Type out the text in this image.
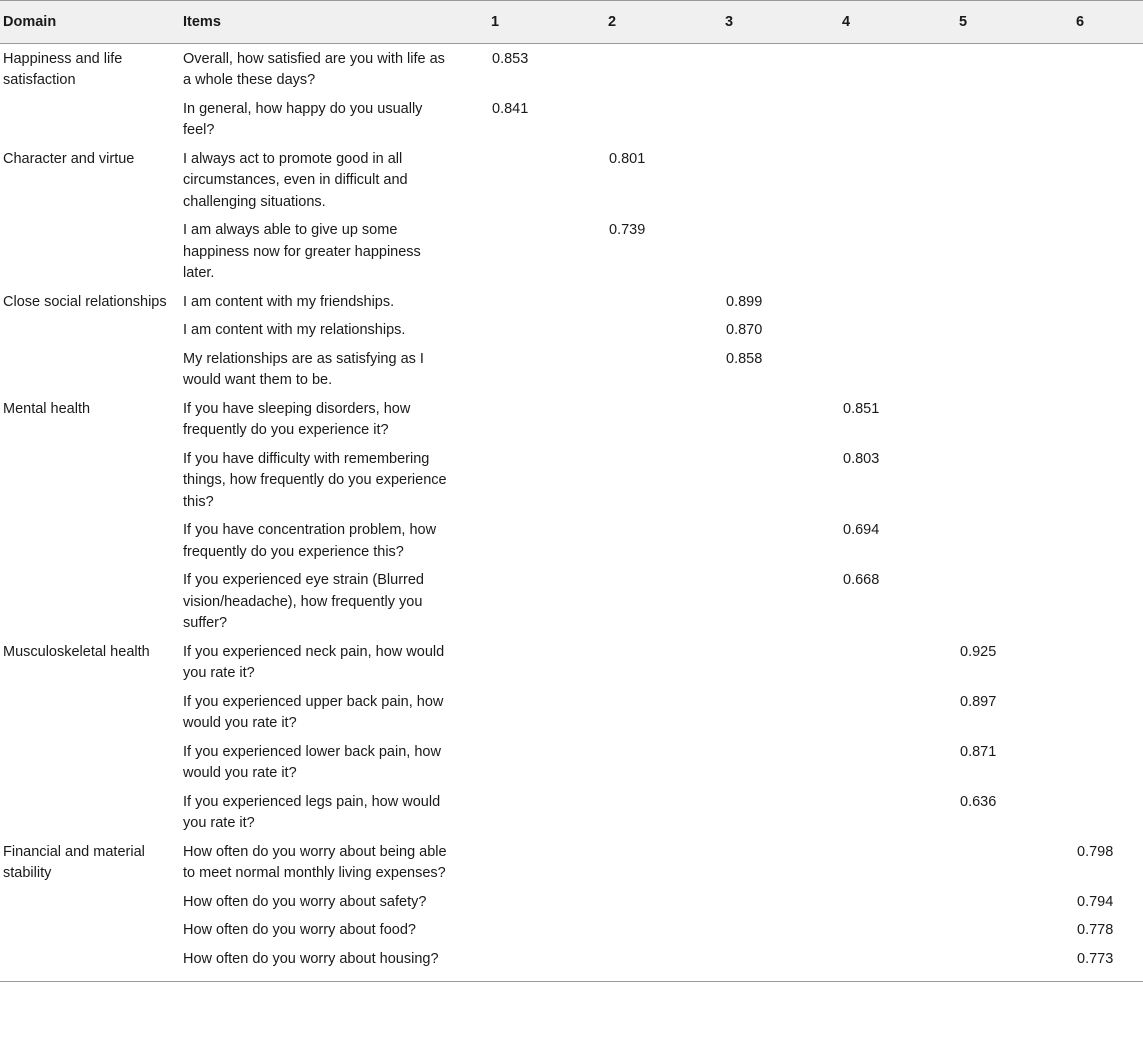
Domain	Items	1	2	3	4	5	6
Happiness and life satisfaction	Overall, how satisfied are you with life as a whole these days?	0.853					
	In general, how happy do you usually feel?	0.841					
Character and virtue	I always act to promote good in all circumstances, even in difficult and challenging situations.		0.801				
	I am always able to give up some happiness now for greater happiness later.		0.739				
Close social relationships	I am content with my friendships.			0.899			
	I am content with my relationships.			0.870			
	My relationships are as satisfying as I would want them to be.			0.858			
Mental health	If you have sleeping disorders, how frequently do you experience it?				0.851		
	If you have difficulty with remembering things, how frequently do you experience this?				0.803		
	If you have concentration problem, how frequently do you experience this?				0.694		
	If you experienced eye strain (Blurred vision/headache), how frequently you suffer?				0.668		
Musculoskeletal health	If you experienced neck pain, how would you rate it?					0.925	
	If you experienced upper back pain, how would you rate it?					0.897	
	If you experienced lower back pain, how would you rate it?					0.871	
	If you experienced legs pain, how would you rate it?					0.636	
Financial and material stability	How often do you worry about being able to meet normal monthly living expenses?						0.798
	How often do you worry about safety?						0.794
	How often do you worry about food?						0.778
	How often do you worry about housing?						0.773
